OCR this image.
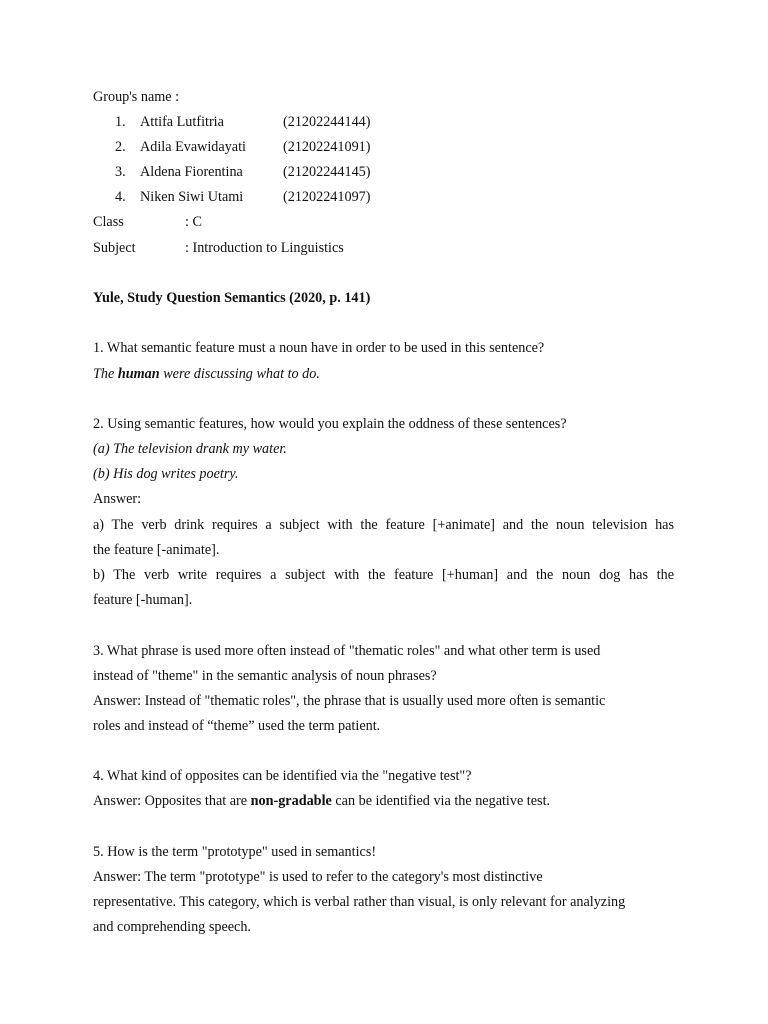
Group's name :
1. Attifa Lutfitria	(21202244144)
2. Adila Evawidayati	(21202241091)
3. Aldena Fiorentina	(21202244145)
4. Niken Siwi Utami	(21202241097)
Class	: C
Subject	: Introduction to Linguistics
Yule, Study Question Semantics (2020, p. 141)
1. What semantic feature must a noun have in order to be used in this sentence?
The human were discussing what to do.
2. Using semantic features, how would you explain the oddness of these sentences?
(a) The television drank my water.
(b) His dog writes poetry.
Answer:
a) The verb drink requires a subject with the feature [+animate] and the noun television has
the feature [-animate].
b) The verb write requires a subject with the feature [+human] and the noun dog has the
feature [-human].
3. What phrase is used more often instead of "thematic roles" and what other term is used
instead of "theme" in the semantic analysis of noun phrases?
Answer: Instead of "thematic roles", the phrase that is usually used more often is semantic
roles and instead of “theme” used the term patient.
4. What kind of opposites can be identified via the "negative test"?
Answer: Opposites that are non-gradable can be identified via the negative test.
5. How is the term "prototype" used in semantics!
Answer: The term "prototype" is used to refer to the category's most distinctive
representative. This category, which is verbal rather than visual, is only relevant for analyzing
and comprehending speech.
